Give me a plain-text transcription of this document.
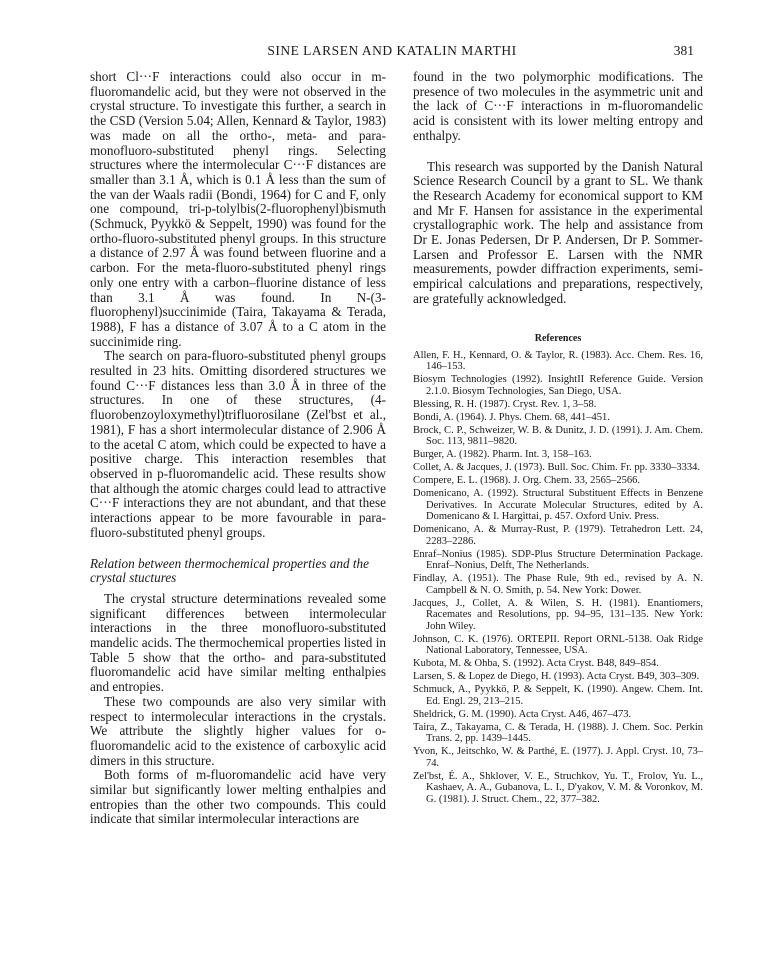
SINE LARSEN AND KATALIN MARTHI	381

short Cl···F interactions could also occur in m-fluoromandelic acid, but they were not observed in the crystal structure. To investigate this further, a search in the CSD (Version 5.04; Allen, Kennard & Taylor, 1983) was made on all the ortho-, meta- and para-monofluoro-substituted phenyl rings. Selecting structures where the intermolecular C···F distances are smaller than 3.1 Å, which is 0.1 Å less than the sum of the van der Waals radii (Bondi, 1964) for C and F, only one compound, tri-p-tolylbis(2-fluorophenyl)bismuth (Schmuck, Pyykkö & Seppelt, 1990) was found for the ortho-fluoro-substituted phenyl groups. In this structure a distance of 2.97 Å was found between fluorine and a carbon. For the meta-fluoro-substituted phenyl rings only one entry with a carbon–fluorine distance of less than 3.1 Å was found. In N-(3-fluorophenyl)succinimide (Taira, Takayama & Terada, 1988), F has a distance of 3.07 Å to a C atom in the succinimide ring.

The search on para-fluoro-substituted phenyl groups resulted in 23 hits. Omitting disordered structures we found C···F distances less than 3.0 Å in three of the structures. In one of these structures, (4-fluorobenzoyloxymethyl)trifluorosilane (Zel'bst et al., 1981), F has a short intermolecular distance of 2.906 Å to the acetal C atom, which could be expected to have a positive charge. This interaction resembles that observed in p-fluoromandelic acid. These results show that although the atomic charges could lead to attractive C···F interactions they are not abundant, and that these interactions appear to be more favourable in para-fluoro-substituted phenyl groups.

Relation between thermochemical properties and the crystal stuctures

The crystal structure determinations revealed some significant differences between intermolecular interactions in the three monofluoro-substituted mandelic acids. The thermochemical properties listed in Table 5 show that the ortho- and para-substituted fluoromandelic acid have similar melting enthalpies and entropies.

These two compounds are also very similar with respect to intermolecular interactions in the crystals. We attribute the slightly higher values for o-fluoromandelic acid to the existence of carboxylic acid dimers in this structure.

Both forms of m-fluoromandelic acid have very similar but significantly lower melting enthalpies and entropies than the other two compounds. This could indicate that similar intermolecular interactions are

found in the two polymorphic modifications. The presence of two molecules in the asymmetric unit and the lack of C···F interactions in m-fluoromandelic acid is consistent with its lower melting entropy and enthalpy.

This research was supported by the Danish Natural Science Research Council by a grant to SL. We thank the Research Academy for economical support to KM and Mr F. Hansen for assistance in the experimental crystallographic work. The help and assistance from Dr E. Jonas Pedersen, Dr P. Andersen, Dr P. Sommer-Larsen and Professor E. Larsen with the NMR measurements, powder diffraction experiments, semi-empirical calculations and preparations, respectively, are gratefully acknowledged.

References

Allen, F. H., Kennard, O. & Taylor, R. (1983). Acc. Chem. Res. 16, 146–153.

Biosym Technologies (1992). InsightII Reference Guide. Version 2.1.0. Biosym Technologies, San Diego, USA.

Blessing, R. H. (1987). Cryst. Rev. 1, 3–58.

Bondi, A. (1964). J. Phys. Chem. 68, 441–451.

Brock, C. P., Schweizer, W. B. & Dunitz, J. D. (1991). J. Am. Chem. Soc. 113, 9811–9820.

Burger, A. (1982). Pharm. Int. 3, 158–163.

Collet, A. & Jacques, J. (1973). Bull. Soc. Chim. Fr. pp. 3330–3334.

Compere, E. L. (1968). J. Org. Chem. 33, 2565–2566.

Domenicano, A. (1992). Structural Substituent Effects in Benzene Derivatives. In Accurate Molecular Structures, edited by A. Domenicano & I. Hargittai, p. 457. Oxford Univ. Press.

Domenicano, A. & Murray-Rust, P. (1979). Tetrahedron Lett. 24, 2283–2286.

Enraf–Nonius (1985). SDP-Plus Structure Determination Package. Enraf–Nonius, Delft, The Netherlands.

Findlay, A. (1951). The Phase Rule, 9th ed., revised by A. N. Campbell & N. O. Smith, p. 54. New York: Dower.

Jacques, J., Collet, A. & Wilen, S. H. (1981). Enantiomers, Racemates and Resolutions, pp. 94–95, 131–135. New York: John Wiley.

Johnson, C. K. (1976). ORTEPII. Report ORNL-5138. Oak Ridge National Laboratory, Tennessee, USA.

Kubota, M. & Ohba, S. (1992). Acta Cryst. B48, 849–854.

Larsen, S. & Lopez de Diego, H. (1993). Acta Cryst. B49, 303–309.

Schmuck, A., Pyykkö, P. & Seppelt, K. (1990). Angew. Chem. Int. Ed. Engl. 29, 213–215.

Sheldrick, G. M. (1990). Acta Cryst. A46, 467–473.

Taira, Z., Takayama, C. & Terada, H. (1988). J. Chem. Soc. Perkin Trans. 2, pp. 1439–1445.

Yvon, K., Jeitschko, W. & Parthé, E. (1977). J. Appl. Cryst. 10, 73–74.

Zel'bst, É. A., Shklover, V. E., Struchkov, Yu. T., Frolov, Yu. L., Kashaev, A. A., Gubanova, L. I., D'yakov, V. M. & Voronkov, M. G. (1981). J. Struct. Chem., 22, 377–382.
